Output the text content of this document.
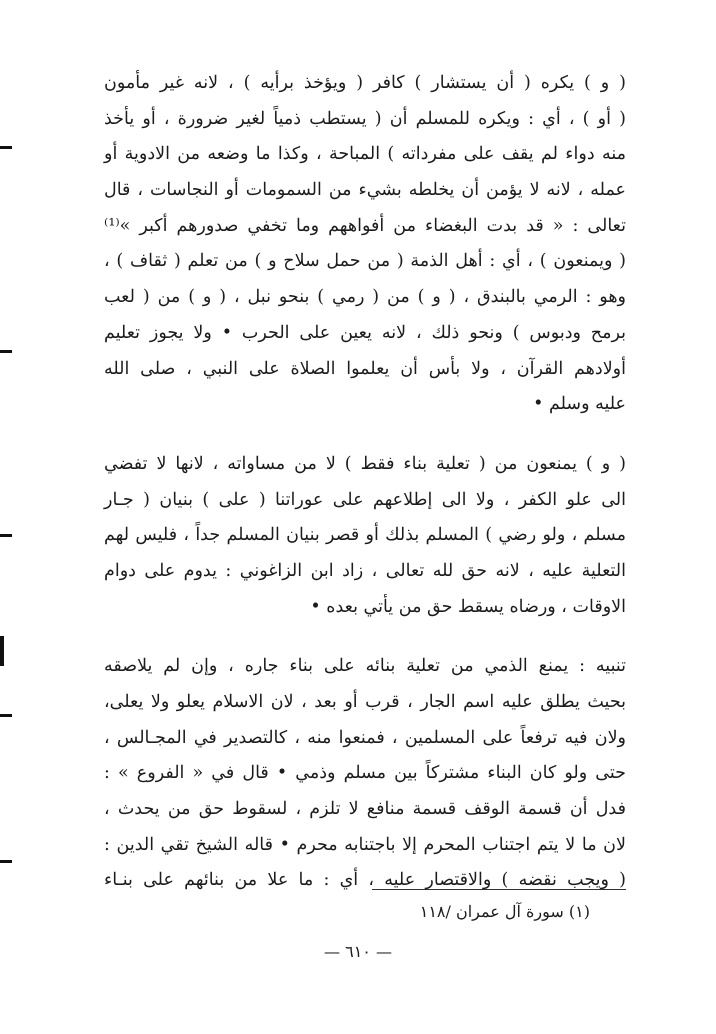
( و ) يكره ( أن يستشار ) كافر ( ويؤخذ برأيه ) ، لانه غير مأمون
( أو ) ، أي : ويكره للمسلم أن ( يستطب ذمياً لغير ضرورة ، أو يأخذ
منه دواء لم يقف على مفرداته ) المباحة ، وكذا ما وضعه من الادوية أو
عمله ، لانه لا يؤمن أن يخلطه بشيء من السمومات أو النجاسات ، قال
تعالى : « قد بدت البغضاء من أفواههم وما تخفي صدورهم أكبر »⁽¹⁾
( ويمنعون ) ، أي : أهل الذمة ( من حمل سلاح و ) من تعلم ( ثقاف ) ،
وهو : الرمي بالبندق ، ( و ) من ( رمي ) بنحو نبل ، ( و ) من ( لعب
برمح ودبوس ) ونحو ذلك ، لانه يعين على الحرب • ولا يجوز تعليم
أولادهم القرآن ، ولا بأس أن يعلموا الصلاة على النبي ، صلى الله
عليه وسلم •
( و ) يمنعون من ( تعلية بناء فقط ) لا من مساواته ، لانها لا تفضي
الى علو الكفر ، ولا الى إطلاعهم على عوراتنا ( على ) بنيان ( جـار
مسلم ، ولو رضي ) المسلم بذلك أو قصر بنيان المسلم جداً ، فليس لهم
التعلية عليه ، لانه حق لله تعالى ، زاد ابن الزاغوني : يدوم على دوام
الاوقات ، ورضاه يسقط حق من يأتي بعده •
تنبيه : يمنع الذمي من تعلية بنائه على بناء جاره ، وإن لم يلاصقه
بحيث يطلق عليه اسم الجار ، قرب أو بعد ، لان الاسلام يعلو ولا يعلى،
ولان فيه ترفعاً على المسلمين ، فمنعوا منه ، كالتصدير في المجـالس ،
حتى ولو كان البناء مشتركاً بين مسلم وذمي • قال في « الفروع » :
فدل أن قسمة الوقف قسمة منافع لا تلزم ، لسقوط حق من يحدث ،
لان ما لا يتم اجتناب المحرم إلا باجتنابه محرم • قاله الشيخ تقي الدين :
( ويجب نقضه ) والاقتصار عليه ، أي : ما علا من بنائهم على بنـاء
(١) سورة آل عمران /١١٨
— ٦١٠ —
